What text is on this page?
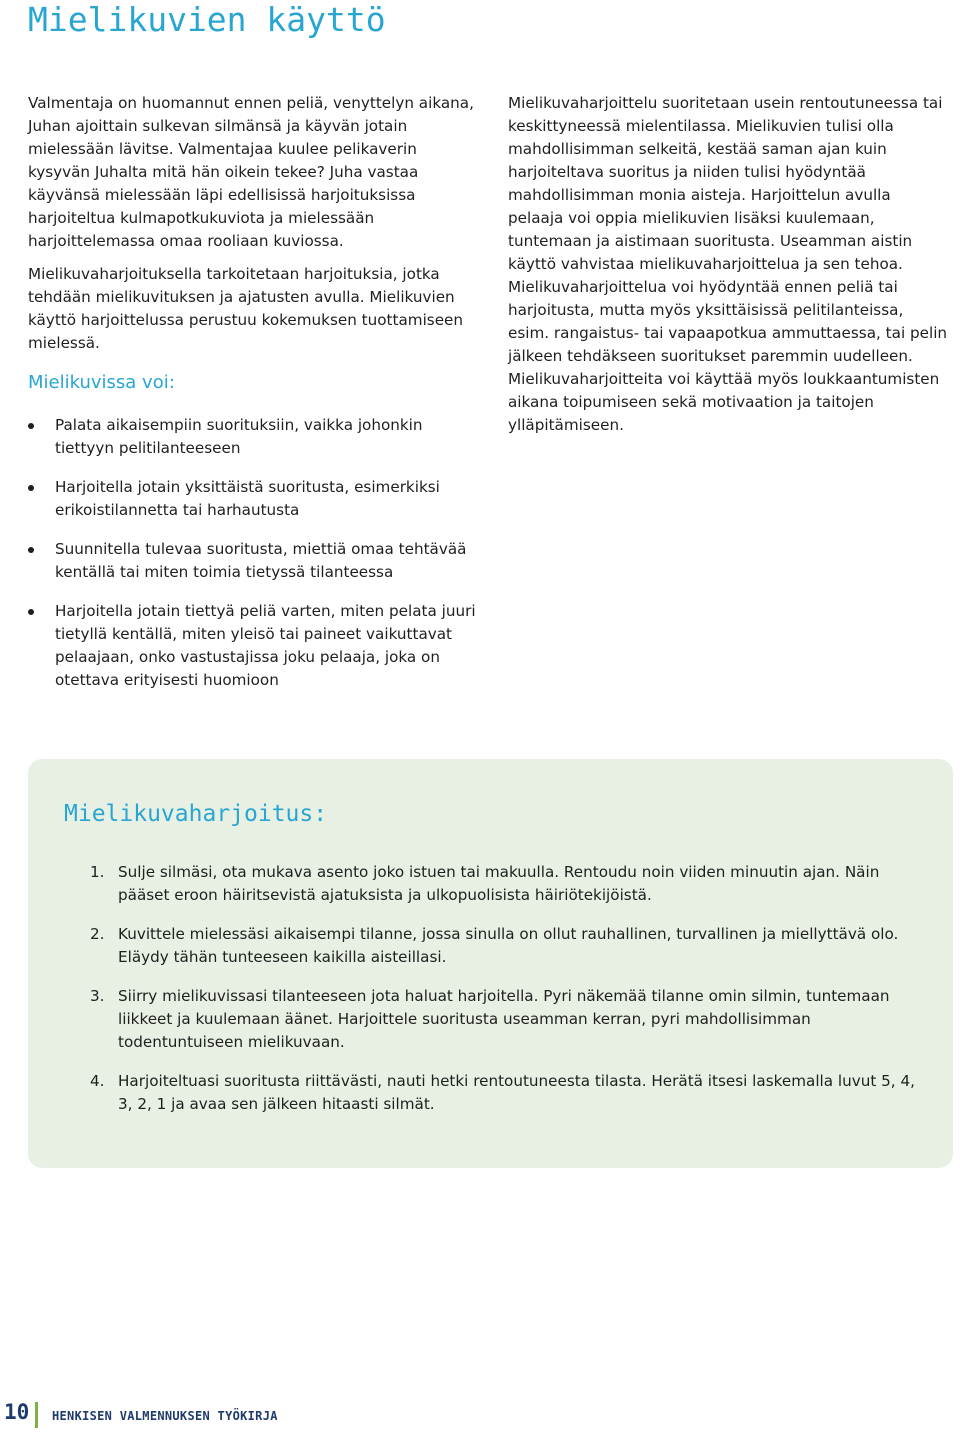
Mielikuvien käyttö

Valmentaja on huomannut ennen peliä, venyttelyn aikana, Juhan ajoittain sulkevan silmänsä ja käyvän jotain mielessään lävitse. Valmentajaa kuulee pelikaverin kysyvän Juhalta mitä hän oikein tekee? Juha vastaa käyvänsä mielessään läpi edellisissä harjoituksissa harjoiteltua kulmapotkukuviota ja mielessään harjoittelemassa omaa rooliaan kuviossa.

Mielikuvaharjoituksella tarkoitetaan harjoituksia, jotka tehdään mielikuvituksen ja ajatusten avulla. Mielikuvien käyttö harjoittelussa perustuu kokemuksen tuottamiseen mielessä.

Mielikuvissa voi:
Palata aikaisempiin suorituksiin, vaikka johonkin tiettyyn pelitilanteeseen
Harjoitella jotain yksittäistä suoritusta, esimerkiksi erikoistilannetta tai harhautusta
Suunnitella tulevaa suoritusta, miettiä omaa tehtävää kentällä tai miten toimia tietyssä tilanteessa
Harjoitella jotain tiettyä peliä varten, miten pelata juuri tietyllä kentällä, miten yleisö tai paineet vaikuttavat pelaajaan, onko vastustajissa joku pelaaja, joka on otettava erityisesti huomioon

Mielikuvaharjoittelu suoritetaan usein rentoutuneessa tai keskittyneessä mielentilassa. Mielikuvien tulisi olla mahdollisimman selkeitä, kestää saman ajan kuin harjoiteltava suoritus ja niiden tulisi hyödyntää mahdollisimman monia aisteja. Harjoittelun avulla pelaaja voi oppia mielikuvien lisäksi kuulemaan, tuntemaan ja aistimaan suoritusta. Useamman aistin käyttö vahvistaa mielikuvaharjoittelua ja sen tehoa. Mielikuvaharjoittelua voi hyödyntää ennen peliä tai harjoitusta, mutta myös yksittäisissä pelitilanteissa, esim. rangaistus- tai vapaapotkua ammuttaessa, tai pelin jälkeen tehdäkseen suoritukset paremmin uudelleen. Mielikuvaharjoitteita voi käyttää myös loukkaantumisten aikana toipumiseen sekä motivaation ja taitojen ylläpitämiseen.

Mielikuvaharjoitus:
1. Sulje silmäsi, ota mukava asento joko istuen tai makuulla. Rentoudu noin viiden minuutin ajan. Näin pääset eroon häiritsevistä ajatuksista ja ulkopuolisista häiriötekijöistä.
2. Kuvittele mielessäsi aikaisempi tilanne, jossa sinulla on ollut rauhallinen, turvallinen ja miellyttävä olo. Eläydy tähän tunteeseen kaikilla aisteillasi.
3. Siirry mielikuvissasi tilanteeseen jota haluat harjoitella. Pyri näkemää tilanne omin silmin, tuntemaan liikkeet ja kuulemaan äänet. Harjoittele suoritusta useamman kerran, pyri mahdollisimman todentuntuiseen mielikuvaan.
4. Harjoiteltuasi suoritusta riittävästi, nauti hetki rentoutuneesta tilasta. Herätä itsesi laskemalla luvut 5, 4, 3, 2, 1 ja avaa sen jälkeen hitaasti silmät.
10 HENKISEN VALMENNUKSEN TYÖKIRJA
